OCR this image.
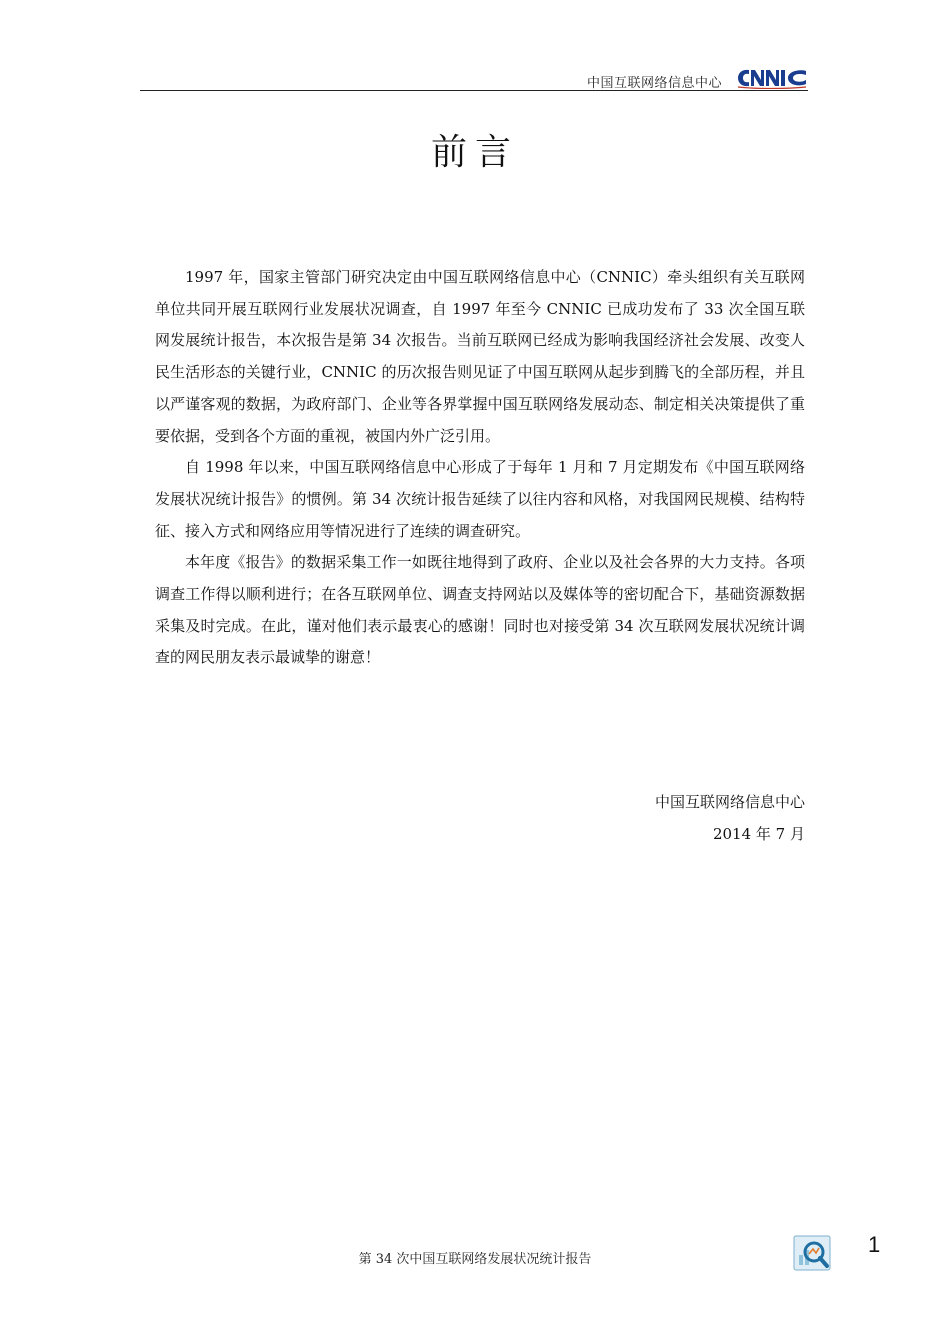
中国互联网络信息中心
前言

1997 年，国家主管部门研究决定由中国互联网络信息中心（CNNIC）牵头组织有关互联网单位共同开展互联网行业发展状况调查，自 1997 年至今 CNNIC 已成功发布了 33 次全国互联网发展统计报告，本次报告是第 34 次报告。当前互联网已经成为影响我国经济社会发展、改变人民生活形态的关键行业，CNNIC 的历次报告则见证了中国互联网从起步到腾飞的全部历程，并且以严谨客观的数据，为政府部门、企业等各界掌握中国互联网络发展动态、制定相关决策提供了重要依据，受到各个方面的重视，被国内外广泛引用。

自 1998 年以来，中国互联网络信息中心形成了于每年 1 月和 7 月定期发布《中国互联网络发展状况统计报告》的惯例。第 34 次统计报告延续了以往内容和风格，对我国网民规模、结构特征、接入方式和网络应用等情况进行了连续的调查研究。

本年度《报告》的数据采集工作一如既往地得到了政府、企业以及社会各界的大力支持。各项调查工作得以顺利进行；在各互联网单位、调查支持网站以及媒体等的密切配合下，基础资源数据采集及时完成。在此，谨对他们表示最衷心的感谢！同时也对接受第 34 次互联网发展状况统计调查的网民朋友表示最诚挚的谢意！

中国互联网络信息中心
2014 年 7 月
第 34 次中国互联网络发展状况统计报告
1
